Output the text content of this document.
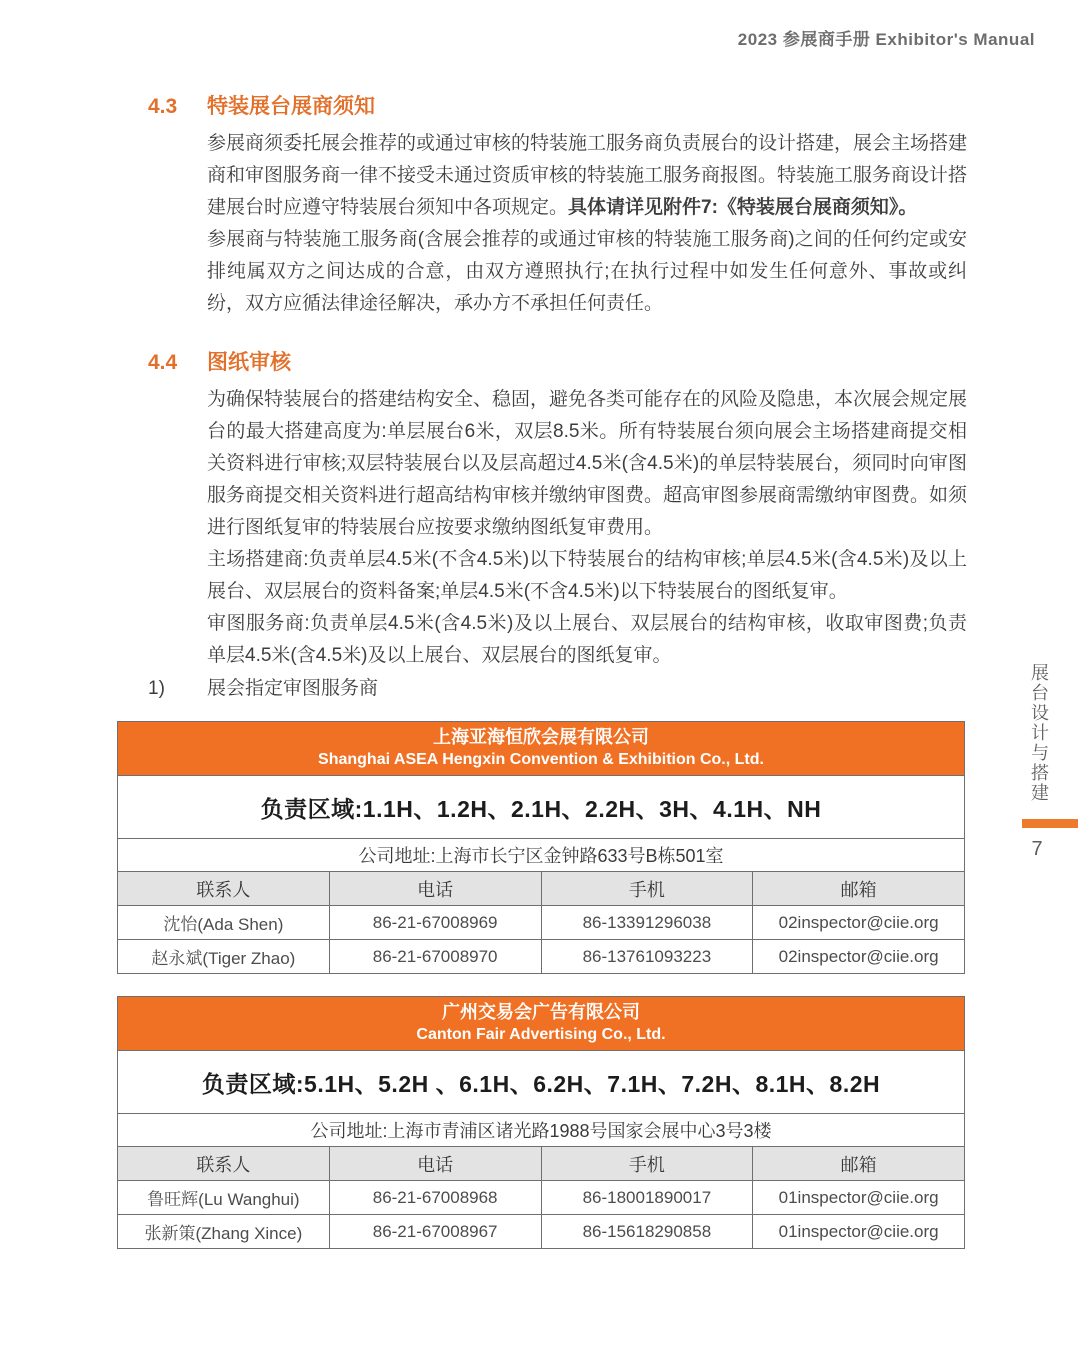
2023 参展商手册 Exhibitor's Manual
4.3	特装展台展商须知

参展商须委托展会推荐的或通过审核的特装施工服务商负责展台的设计搭建，展会主场搭建商和审图服务商一律不接受未通过资质审核的特装施工服务商报图。特装施工服务商设计搭建展台时应遵守特装展台须知中各项规定。具体请详见附件7:《特装展台展商须知》。

参展商与特装施工服务商(含展会推荐的或通过审核的特装施工服务商)之间的任何约定或安排纯属双方之间达成的合意，由双方遵照执行;在执行过程中如发生任何意外、事故或纠纷，双方应循法律途径解决，承办方不承担任何责任。

4.4	图纸审核

为确保特装展台的搭建结构安全、稳固，避免各类可能存在的风险及隐患，本次展会规定展台的最大搭建高度为:单层展台6米，双层8.5米。所有特装展台须向展会主场搭建商提交相关资料进行审核;双层特装展台以及层高超过4.5米(含4.5米)的单层特装展台，须同时向审图服务商提交相关资料进行超高结构审核并缴纳审图费。超高审图参展商需缴纳审图费。如须进行图纸复审的特装展台应按要求缴纳图纸复审费用。

主场搭建商:负责单层4.5米(不含4.5米)以下特装展台的结构审核;单层4.5米(含4.5米)及以上展台、双层展台的资料备案;单层4.5米(不含4.5米)以下特装展台的图纸复审。

审图服务商:负责单层4.5米(含4.5米)及以上展台、双层展台的结构审核，收取审图费;负责单层4.5米(含4.5米)及以上展台、双层展台的图纸复审。

1)	展会指定审图服务商
上海亚海恒欣会展有限公司
Shanghai ASEA Hengxin Convention & Exhibition Co., Ltd.			

负责区域:1.1H、1.2H、2.1H、2.2H、3H、4.1H、NH			
公司地址:上海市长宁区金钟路633号B栋501室			
联系人	电话	手机	邮箱
沈怡(Ada Shen)	86-21-67008969	86-13391296038	02inspector@ciie.org
赵永斌(Tiger Zhao)	86-21-67008970	86-13761093223	02inspector@ciie.org
广州交易会广告有限公司
Canton Fair Advertising Co., Ltd.			

负责区域:5.1H、5.2H 、6.1H、6.2H、7.1H、7.2H、8.1H、8.2H			
公司地址:上海市青浦区诸光路1988号国家会展中心3号3楼			
联系人	电话	手机	邮箱
鲁旺辉(Lu Wanghui)	86-21-67008968	86-18001890017	01inspector@ciie.org
张新策(Zhang Xince)	86-21-67008967	86-15618290858	01inspector@ciie.org
展台设计与搭建
7
